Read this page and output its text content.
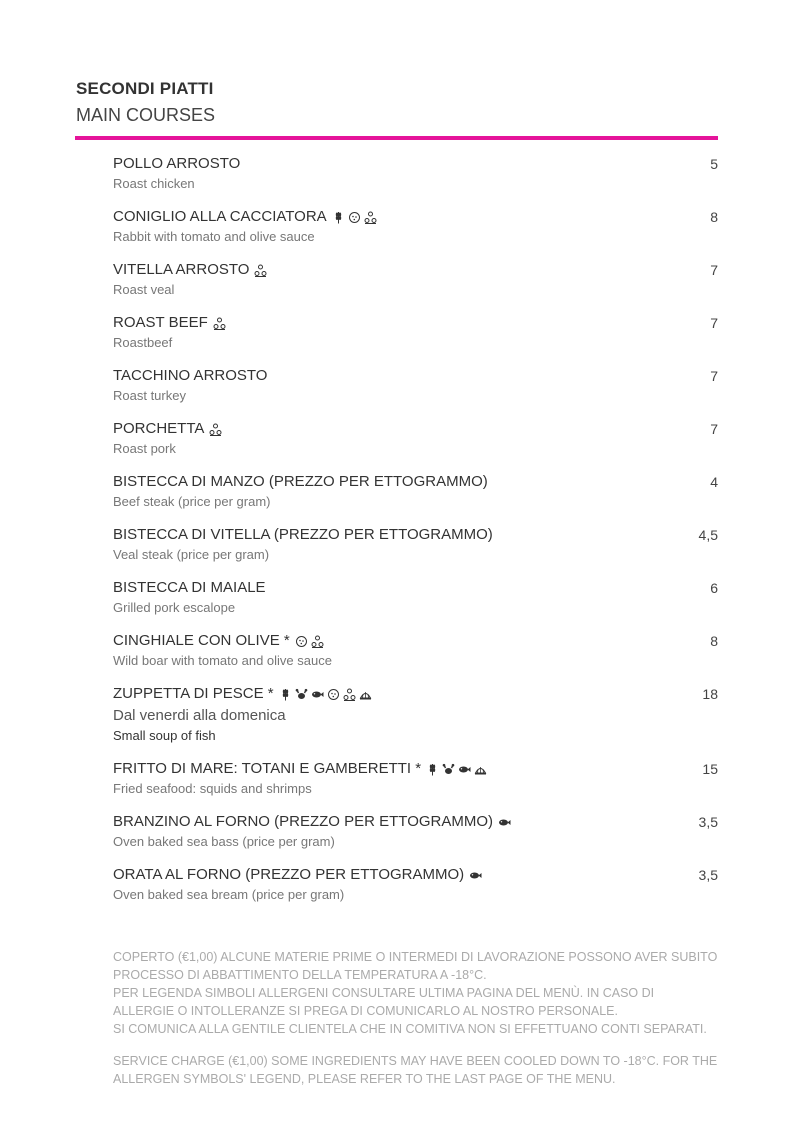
SECONDI PIATTI
MAIN COURSES
POLLO ARROSTO
Roast chicken
5
CONIGLIO ALLA CACCIATORA
Rabbit with tomato and olive sauce
8
VITELLA ARROSTO
Roast veal
7
ROAST BEEF
Roastbeef
7
TACCHINO ARROSTO
Roast turkey
7
PORCHETTA
Roast pork
7
BISTECCA DI MANZO (PREZZO PER ETTOGRAMMO)
Beef steak (price per gram)
4
BISTECCA DI VITELLA (PREZZO PER ETTOGRAMMO)
Veal steak (price per gram)
4,5
BISTECCA DI MAIALE
Grilled pork escalope
6
CINGHIALE CON OLIVE *
Wild boar with tomato and olive sauce
8
ZUPPETTA DI PESCE *
Dal venerdi alla domenica
Small soup of fish
18
FRITTO DI MARE: TOTANI E GAMBERETTI *
Fried seafood: squids and shrimps
15
BRANZINO AL FORNO (PREZZO PER ETTOGRAMMO)
Oven baked sea bass (price per gram)
3,5
ORATA AL FORNO (PREZZO PER ETTOGRAMMO)
Oven baked sea bream (price per gram)
3,5

COPERTO (€1,00) ALCUNE MATERIE PRIME O INTERMEDI DI LAVORAZIONE POSSONO AVER SUBITO PROCESSO DI ABBATTIMENTO DELLA TEMPERATURA A -18°C.
PER LEGENDA SIMBOLI ALLERGENI CONSULTARE ULTIMA PAGINA DEL MENÙ. IN CASO DI ALLERGIE O INTOLLERANZE SI PREGA DI COMUNICARLO AL NOSTRO PERSONALE.
SI COMUNICA ALLA GENTILE CLIENTELA CHE IN COMITIVA NON SI EFFETTUANO CONTI SEPARATI.

SERVICE CHARGE (€1,00) SOME INGREDIENTS MAY HAVE BEEN COOLED DOWN TO -18°C. FOR THE ALLERGEN SYMBOLS' LEGEND, PLEASE REFER TO THE LAST PAGE OF THE MENU.
